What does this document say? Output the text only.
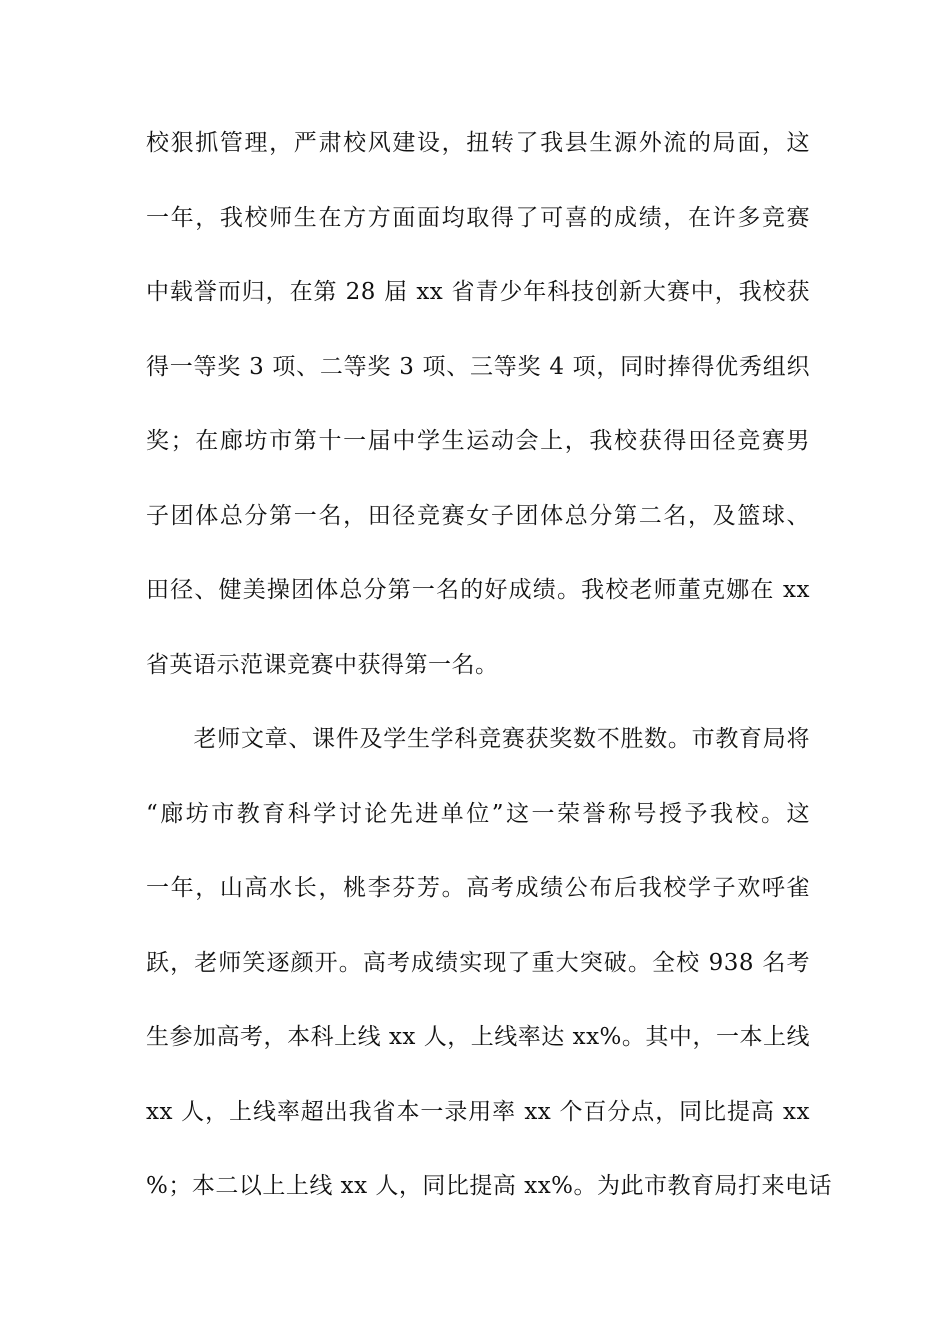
校狠抓管理，严肃校风建设，扭转了我县生源外流的局面，这
一年，我校师生在方方面面均取得了可喜的成绩，在许多竞赛
中载誉而归，在第 28 届 xx 省青少年科技创新大赛中，我校获
得一等奖 3 项、二等奖 3 项、三等奖 4 项，同时捧得优秀组织
奖；在廊坊市第十一届中学生运动会上，我校获得田径竞赛男
子团体总分第一名，田径竞赛女子团体总分第二名，及篮球、
田径、健美操团体总分第一名的好成绩。我校老师董克娜在 xx
省英语示范课竞赛中获得第一名。
　　老师文章、课件及学生学科竞赛获奖数不胜数。市教育局将
“廊坊市教育科学讨论先进单位”这一荣誉称号授予我校。这
一年，山高水长，桃李芬芳。高考成绩公布后我校学子欢呼雀
跃，老师笑逐颜开。高考成绩实现了重大突破。全校 938 名考
生参加高考，本科上线 xx 人，上线率达 xx%。其中，一本上线
xx 人，上线率超出我省本一录用率 xx 个百分点，同比提高 xx
%；本二以上上线 xx 人，同比提高 xx%。为此市教育局打来电话
